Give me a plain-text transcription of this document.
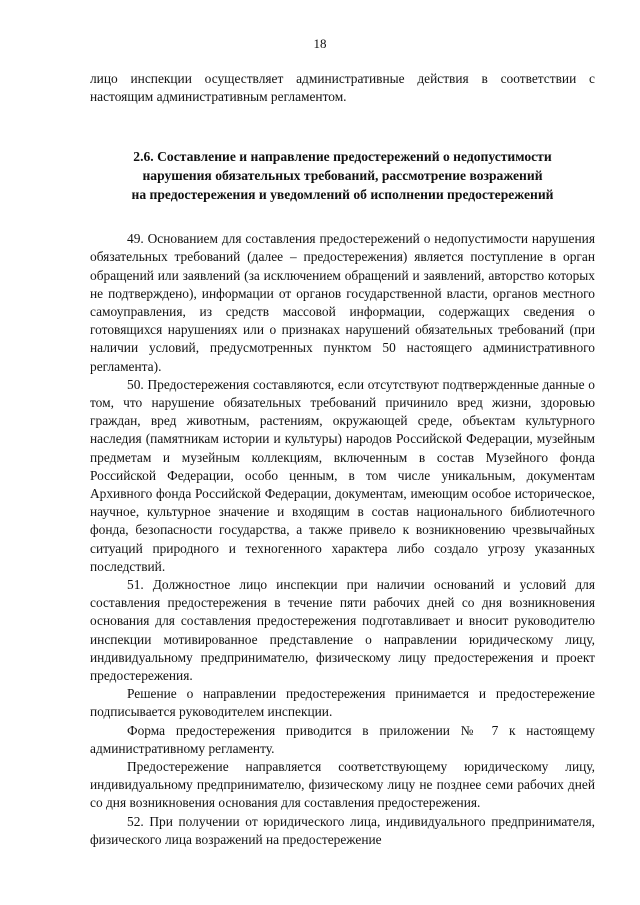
18

лицо инспекции осуществляет административные действия в соответствии с настоящим административным регламентом.

2.6. Составление и направление предостережений о недопустимости
нарушения обязательных требований, рассмотрение возражений
на предостережения и уведомлений об исполнении предостережений

49. Основанием для составления предостережений о недопустимости нарушения обязательных требований (далее – предостережения) является поступление в орган обращений или заявлений (за исключением обращений и заявлений, авторство которых не подтверждено), информации от органов государственной власти, органов местного самоуправления, из средств массовой информации, содержащих сведения о готовящихся нарушениях или о признаках нарушений обязательных требований (при наличии условий, предусмотренных пунктом 50 настоящего административного регламента).

50. Предостережения составляются, если отсутствуют подтвержденные данные о том, что нарушение обязательных требований причинило вред жизни, здоровью граждан, вред животным, растениям, окружающей среде, объектам культурного наследия (памятникам истории и культуры) народов Российской Федерации, музейным предметам и музейным коллекциям, включенным в состав Музейного фонда Российской Федерации, особо ценным, в том числе уникальным, документам Архивного фонда Российской Федерации, документам, имеющим особое историческое, научное, культурное значение и входящим в состав национального библиотечного фонда, безопасности государства, а также привело к возникновению чрезвычайных ситуаций природного и техногенного характера либо создало угрозу указанных последствий.

51. Должностное лицо инспекции при наличии оснований и условий для составления предостережения в течение пяти рабочих дней со дня возникновения основания для составления предостережения подготавливает и вносит руководителю инспекции мотивированное представление о направлении юридическому лицу, индивидуальному предпринимателю, физическому лицу предостережения и проект предостережения.

Решение о направлении предостережения принимается и предостережение подписывается руководителем инспекции.

Форма предостережения приводится в приложении № 7 к настоящему административному регламенту.

Предостережение направляется соответствующему юридическому лицу, индивидуальному предпринимателю, физическому лицу не позднее семи рабочих дней со дня возникновения основания для составления предостережения.

52. При получении от юридического лица, индивидуального предпринимателя, физического лица возражений на предостережение
